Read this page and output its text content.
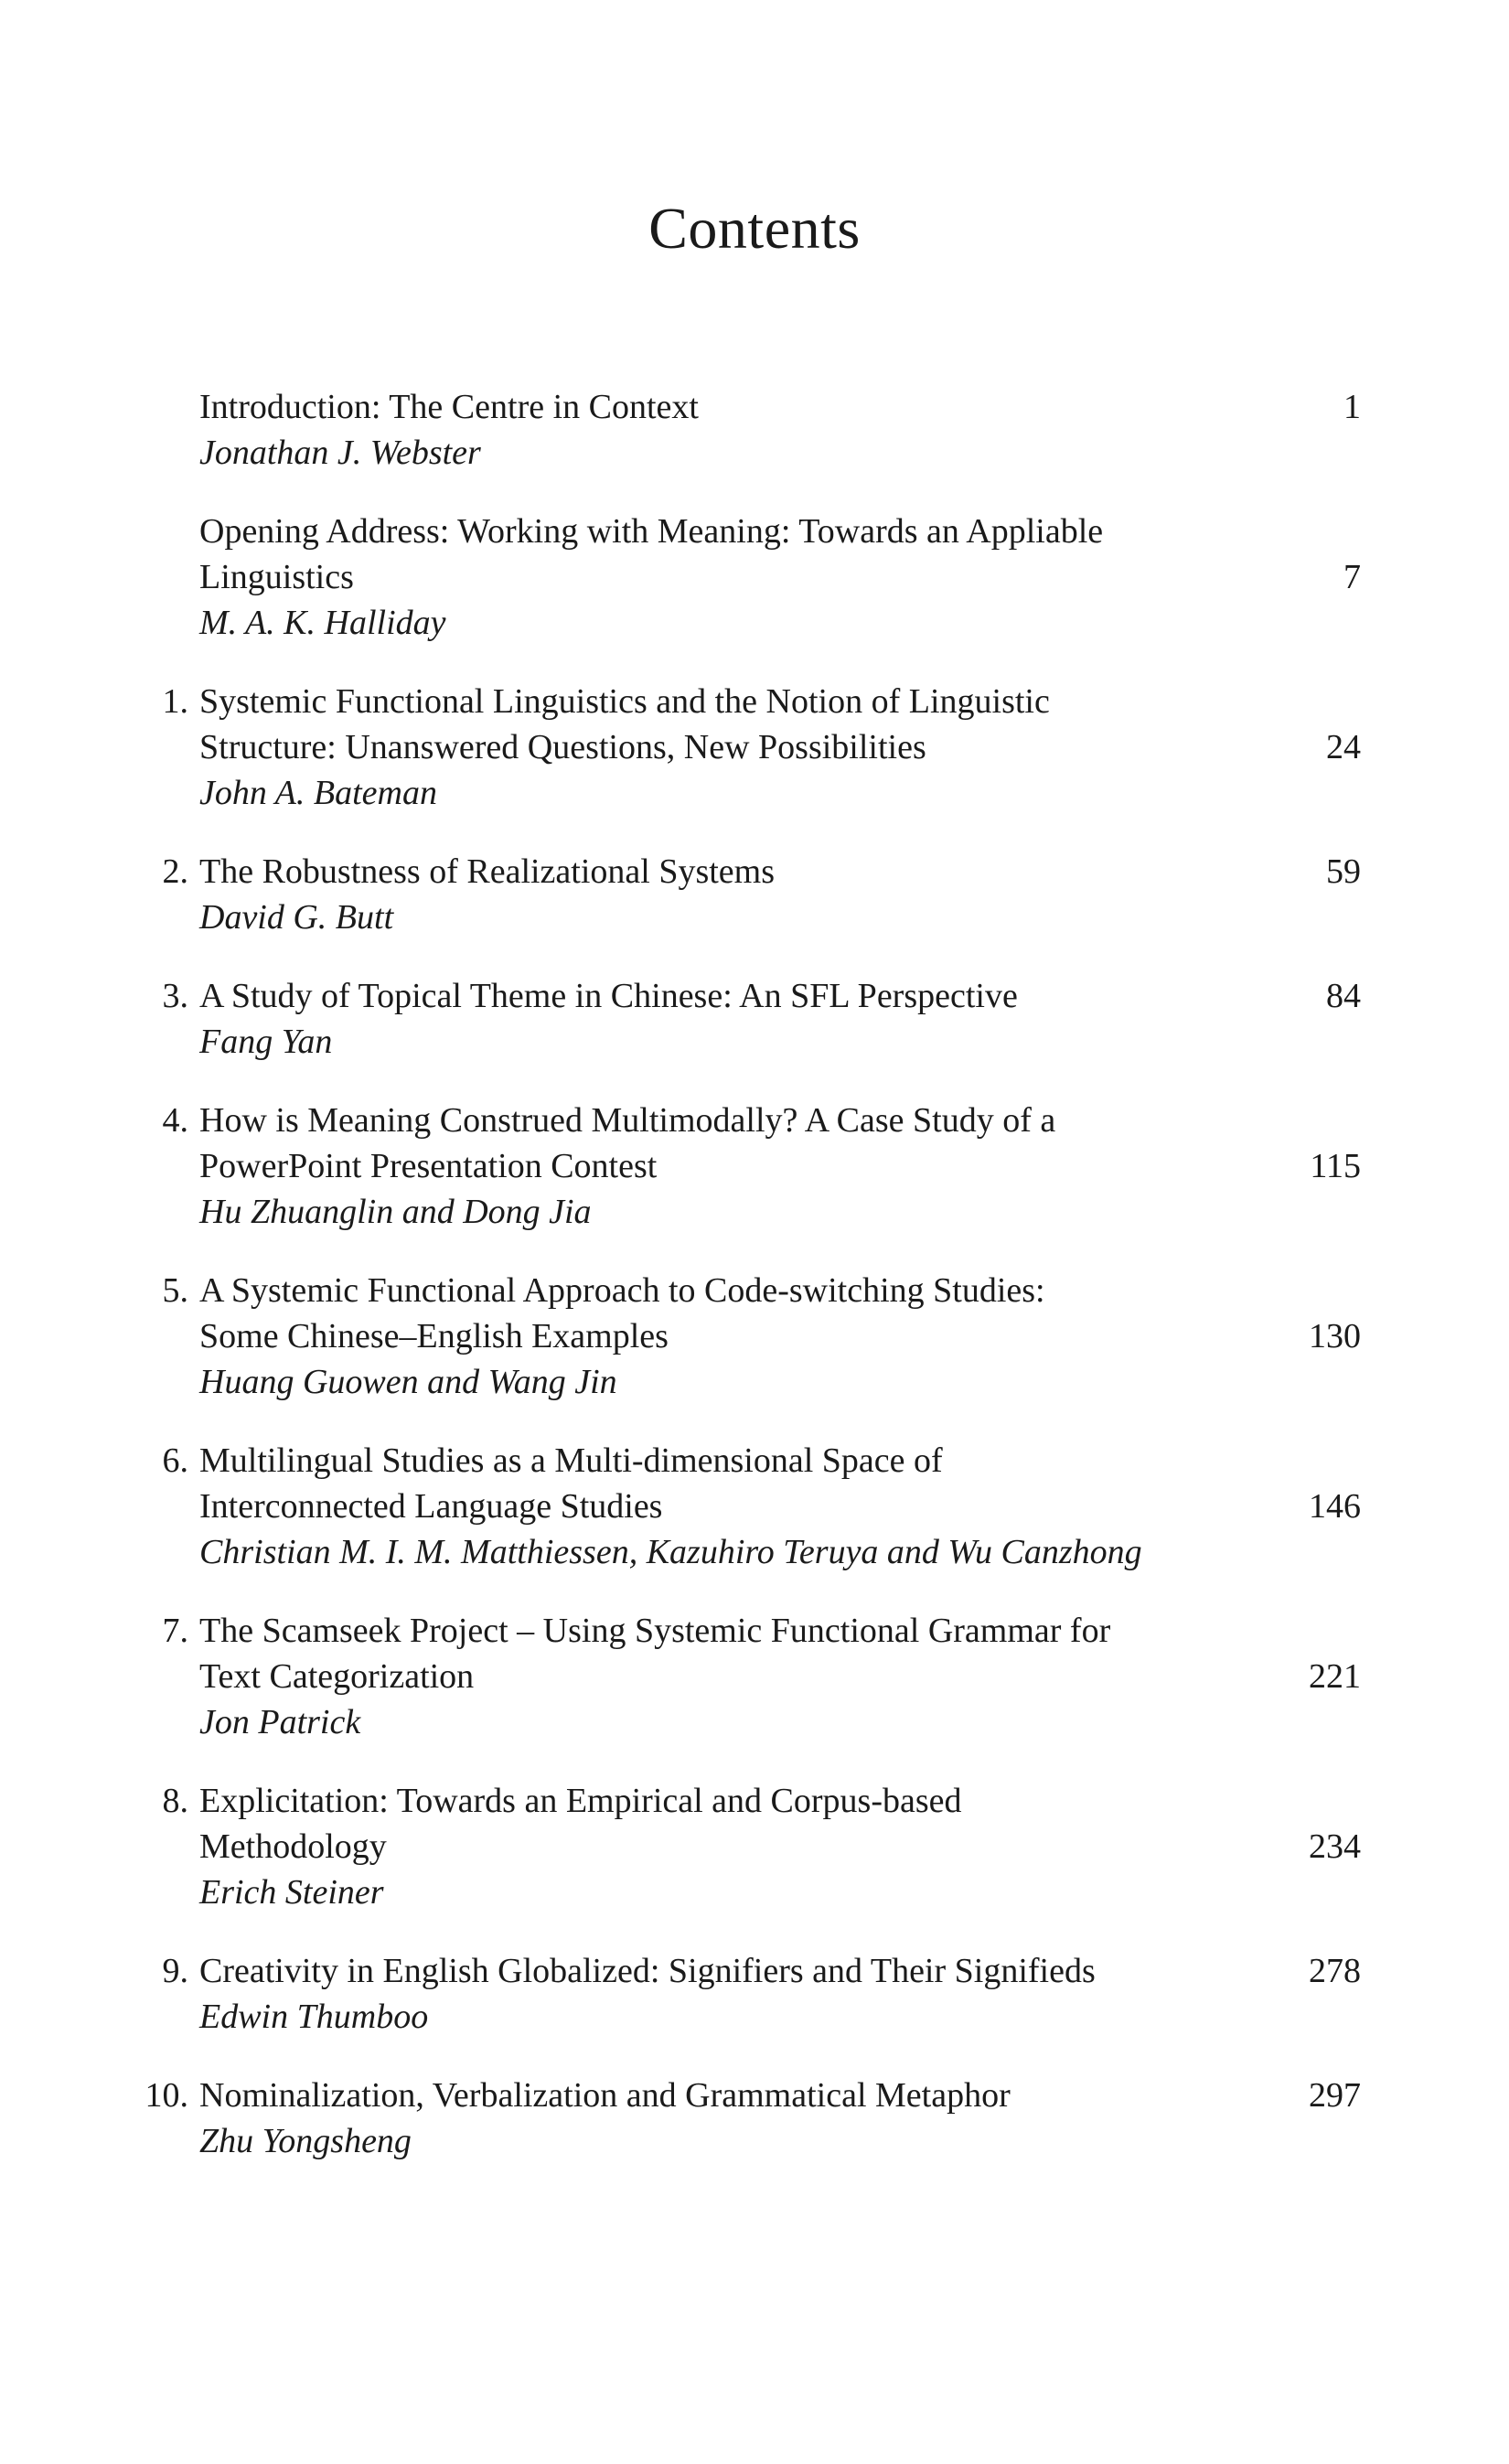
Contents
Introduction: The Centre in Context	1
Jonathan J. Webster
Opening Address: Working with Meaning: Towards an Appliable
Linguistics	7
M. A. K. Halliday
1. Systemic Functional Linguistics and the Notion of Linguistic
Structure: Unanswered Questions, New Possibilities	24
John A. Bateman
2. The Robustness of Realizational Systems	59
David G. Butt
3. A Study of Topical Theme in Chinese: An SFL Perspective	84
Fang Yan
4. How is Meaning Construed Multimodally? A Case Study of a
PowerPoint Presentation Contest	115
Hu Zhuanglin and Dong Jia
5. A Systemic Functional Approach to Code-switching Studies:
Some Chinese–English Examples	130
Huang Guowen and Wang Jin
6. Multilingual Studies as a Multi-dimensional Space of
Interconnected Language Studies	146
Christian M. I. M. Matthiessen, Kazuhiro Teruya and Wu Canzhong
7. The Scamseek Project – Using Systemic Functional Grammar for
Text Categorization	221
Jon Patrick
8. Explicitation: Towards an Empirical and Corpus-based
Methodology	234
Erich Steiner
9. Creativity in English Globalized: Signifiers and Their Signifieds	278
Edwin Thumboo
10. Nominalization, Verbalization and Grammatical Metaphor	297
Zhu Yongsheng
